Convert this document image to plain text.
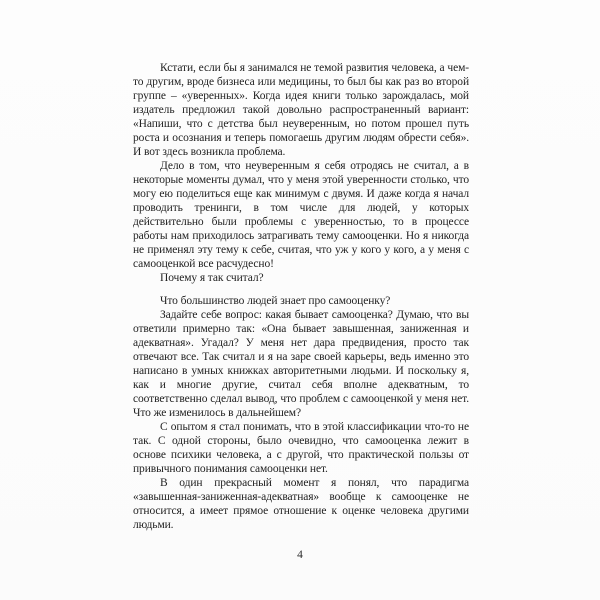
Кстати, если бы я занимался не темой развития человека, а чем-то другим, вроде бизнеса или медицины, то был бы как раз во второй группе – «уверенных». Когда идея книги только зарождалась, мой издатель предложил такой довольно распространенный вариант: «Напиши, что с детства был неуверенным, но потом прошел путь роста и осознания и теперь помогаешь другим людям обрести себя». И вот здесь возникла проблема.

Дело в том, что неуверенным я себя отродясь не считал, а в некоторые моменты думал, что у меня этой уверенности столько, что могу ею поделиться еще как минимум с двумя. И даже когда я начал проводить тренинги, в том числе для людей, у которых действительно были проблемы с уверенностью, то в процессе работы нам приходилось затрагивать тему самооценки. Но я никогда не применял эту тему к себе, считая, что уж у кого у кого, а у меня с самооценкой все расчудесно!

Почему я так считал?

Что большинство людей знает про самооценку?

Задайте себе вопрос: какая бывает самооценка? Думаю, что вы ответили примерно так: «Она бывает завышенная, заниженная и адекватная». Угадал? У меня нет дара предвидения, просто так отвечают все. Так считал и я на заре своей карьеры, ведь именно это написано в умных книжках авторитетными людьми. И поскольку я, как и многие другие, считал себя вполне адекватным, то соответственно сделал вывод, что проблем с самооценкой у меня нет. Что же изменилось в дальнейшем?

С опытом я стал понимать, что в этой классификации что-то не так. С одной стороны, было очевидно, что самооценка лежит в основе психики человека, а с другой, что практической пользы от привычного понимания самооценки нет.

В один прекрасный момент я понял, что парадигма «завышенная-заниженная-адекватная» вообще к самооценке не относится, а имеет прямое отношение к оценке человека другими людьми.

4
